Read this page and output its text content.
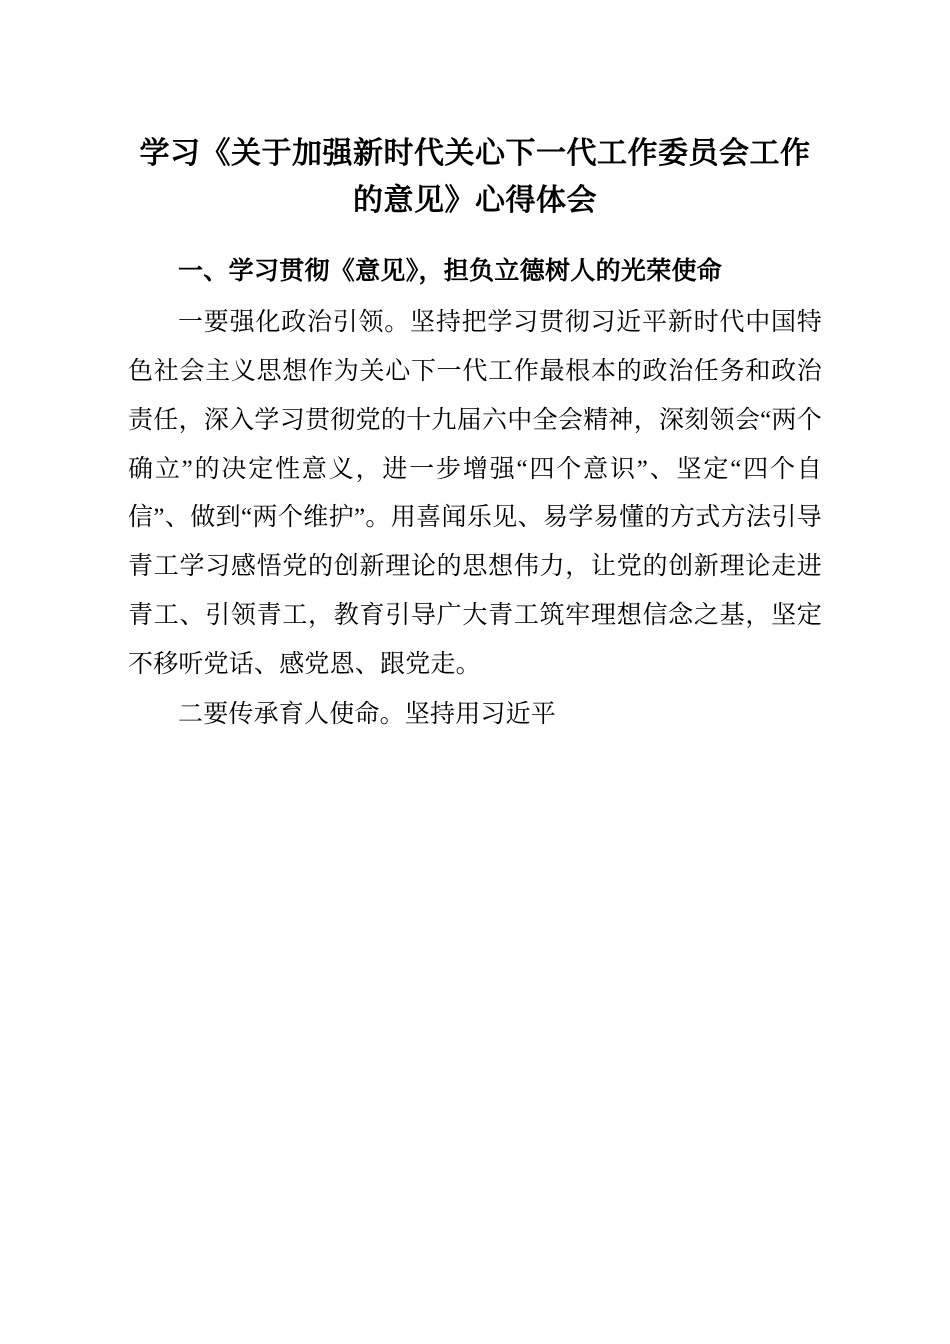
学习《关于加强新时代关心下一代工作委员会工作的意见》心得体会
一、学习贯彻《意见》，担负立德树人的光荣使命

一要强化政治引领。坚持把学习贯彻习近平新时代中国特色社会主义思想作为关心下一代工作最根本的政治任务和政治责任，深入学习贯彻党的十九届六中全会精神，深刻领会“两个确立”的决定性意义，进一步增强“四个意识”、坚定“四个自信”、做到“两个维护”。用喜闻乐见、易学易懂的方式方法引导青工学习感悟党的创新理论的思想伟力，让党的创新理论走进青工、引领青工，教育引导广大青工筑牢理想信念之基，坚定不移听党话、感党恩、跟党走。

二要传承育人使命。坚持用习近平
